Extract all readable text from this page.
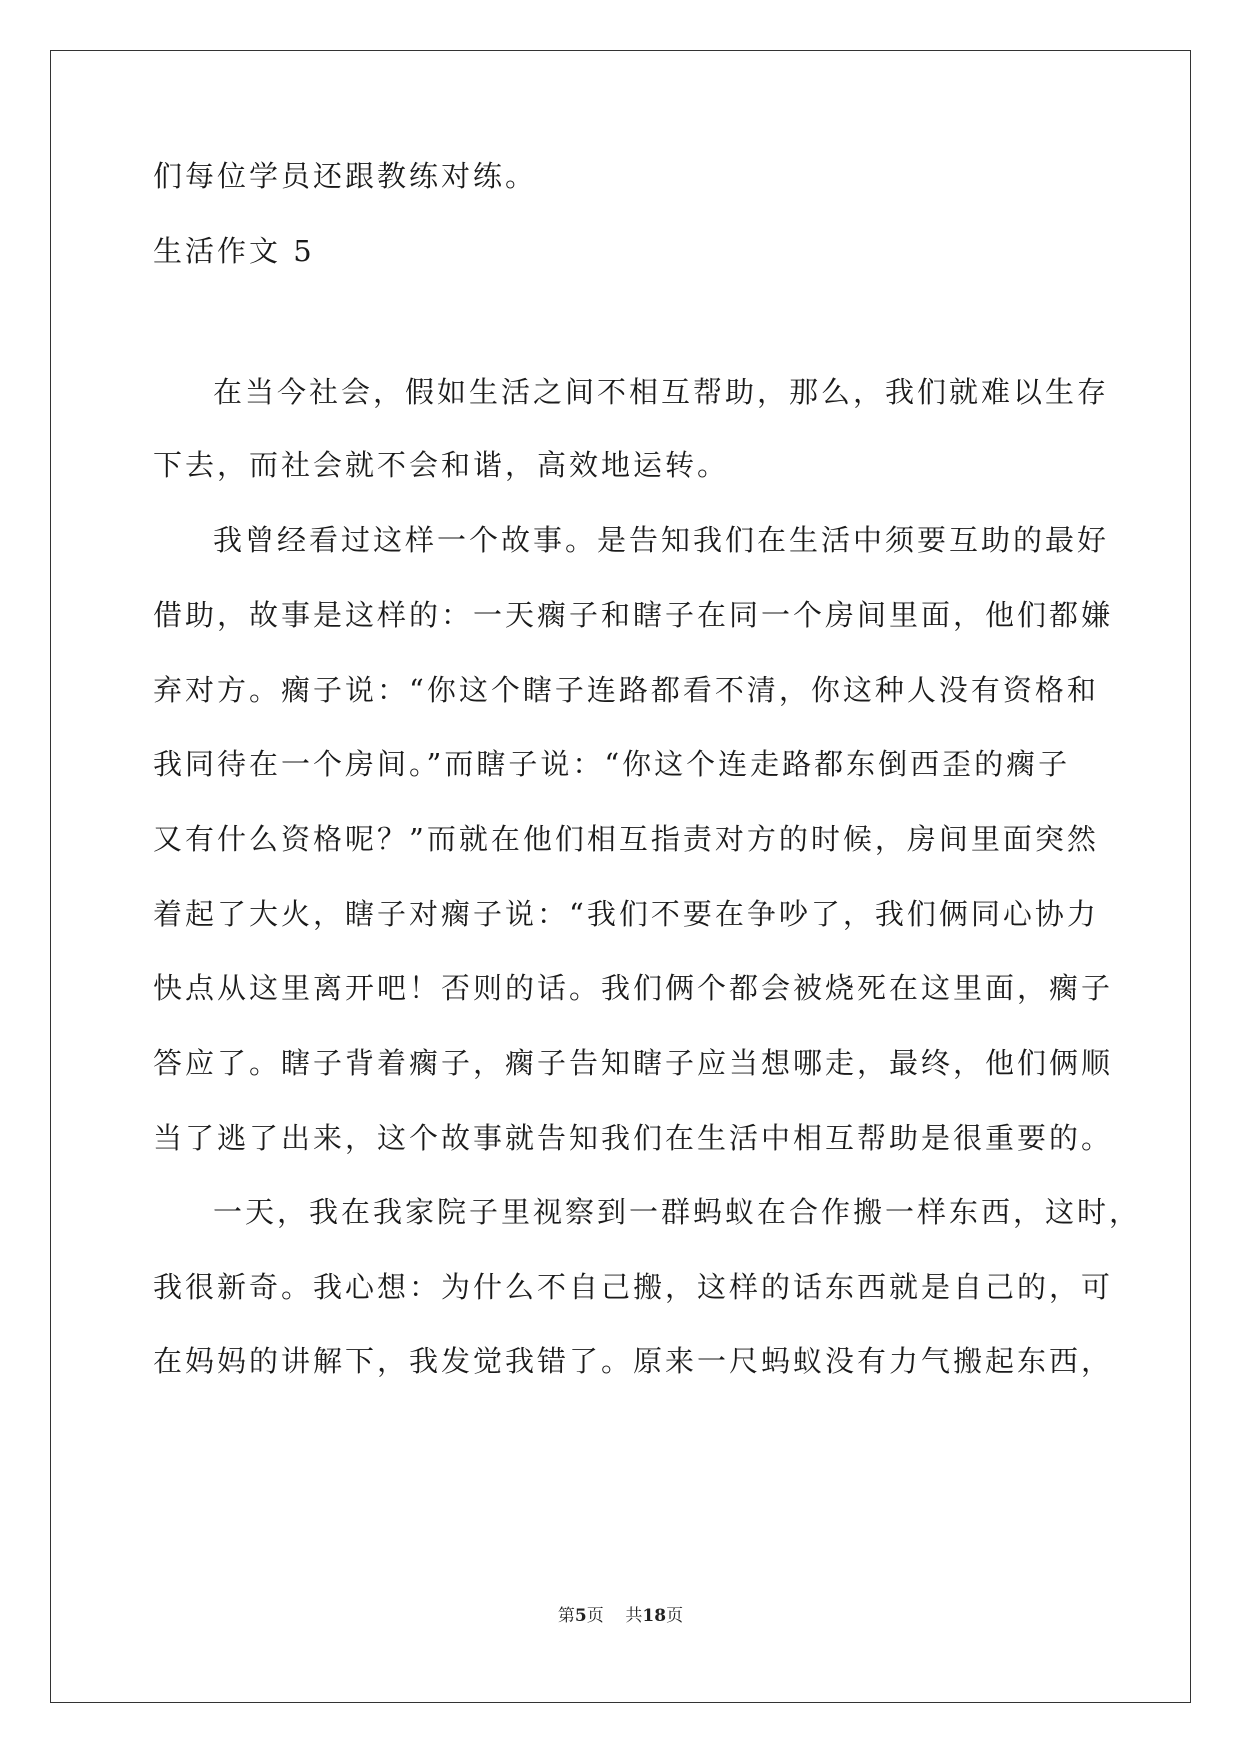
们每位学员还跟教练对练。
生活作文 5
在当今社会，假如生活之间不相互帮助，那么，我们就难以生存
下去，而社会就不会和谐，高效地运转。
我曾经看过这样一个故事。是告知我们在生活中须要互助的最好
借助，故事是这样的：一天瘸子和瞎子在同一个房间里面，他们都嫌
弃对方。瘸子说：“你这个瞎子连路都看不清，你这种人没有资格和
我同待在一个房间。”而瞎子说：“你这个连走路都东倒西歪的瘸子
又有什么资格呢？”而就在他们相互指责对方的时候，房间里面突然
着起了大火，瞎子对瘸子说：“我们不要在争吵了，我们俩同心协力
快点从这里离开吧！否则的话。我们俩个都会被烧死在这里面，瘸子
答应了。瞎子背着瘸子，瘸子告知瞎子应当想哪走，最终，他们俩顺
当了逃了出来，这个故事就告知我们在生活中相互帮助是很重要的。
一天，我在我家院子里视察到一群蚂蚁在合作搬一样东西，这时，
我很新奇。我心想：为什么不自己搬，这样的话东西就是自己的，可
在妈妈的讲解下，我发觉我错了。原来一尺蚂蚁没有力气搬起东西，
第5页    共18页
